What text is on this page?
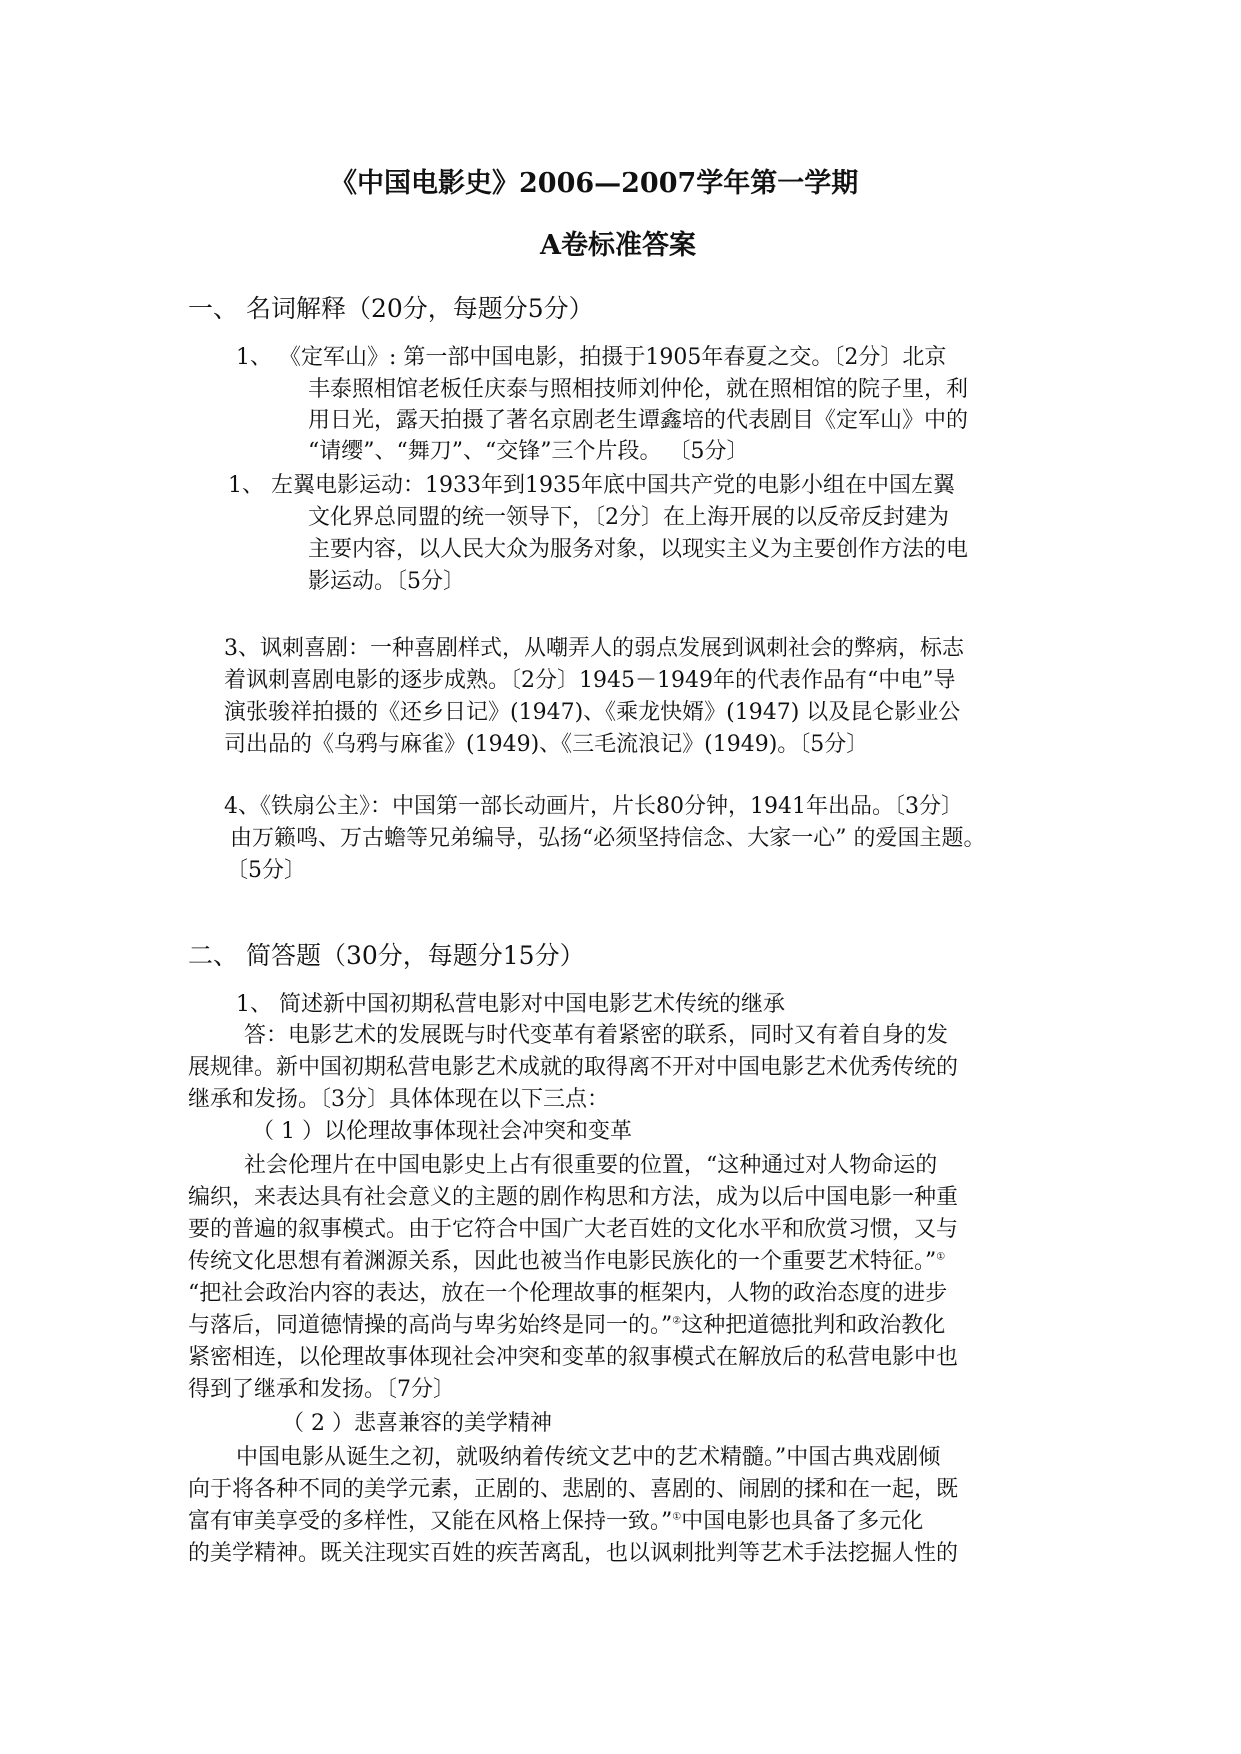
《中国电影史》2006—2007学年第一学期
A卷标准答案
一、 名词解释（20分，每题分5分）

1、 《定军山》: 第一部中国电影，拍摄于1905年春夏之交。〔2分〕北京

丰泰照相馆老板任庆泰与照相技师刘仲伦，就在照相馆的院子里，利

用日光，露天拍摄了著名京剧老生谭鑫培的代表剧目《定军山》中的

“请缨”、“舞刀”、“交锋”三个片段。 〔5分〕

1、 左翼电影运动：1933年到1935年底中国共产党的电影小组在中国左翼

文化界总同盟的统一领导下，〔2分〕在上海开展的以反帝反封建为

主要内容，以人民大众为服务对象，以现实主义为主要创作方法的电

影运动。〔5分〕

3、讽刺喜剧：一种喜剧样式，从嘲弄人的弱点发展到讽刺社会的弊病，标志

着讽刺喜剧电影的逐步成熟。〔2分〕1945－1949年的代表作品有“中电”导

演张骏祥拍摄的《还乡日记》(1947)、《乘龙快婿》(1947) 以及昆仑影业公

司出品的《乌鸦与麻雀》(1949)、《三毛流浪记》(1949)。〔5分〕

4、《铁扇公主》：中国第一部长动画片，片长80分钟，1941年出品。〔3分〕

由万籁鸣、万古蟾等兄弟编导，弘扬“必须坚持信念、大家一心” 的爱国主题。

〔5分〕

二、 简答题（30分，每题分15分）

1、 简述新中国初期私营电影对中国电影艺术传统的继承

答：电影艺术的发展既与时代变革有着紧密的联系，同时又有着自身的发

展规律。新中国初期私营电影艺术成就的取得离不开对中国电影艺术优秀传统的

继承和发扬。〔3分〕具体体现在以下三点：

（ 1 ）以伦理故事体现社会冲突和变革

社会伦理片在中国电影史上占有很重要的位置，“这种通过对人物命运的

编织，来表达具有社会意义的主题的剧作构思和方法，成为以后中国电影一种重

要的普遍的叙事模式。由于它符合中国广大老百姓的文化水平和欣赏习惯，又与

传统文化思想有着渊源关系，因此也被当作电影民族化的一个重要艺术特征。”①

“把社会政治内容的表达，放在一个伦理故事的框架内，人物的政治态度的进步

与落后，同道德情操的高尚与卑劣始终是同一的。”②这种把道德批判和政治教化

紧密相连，以伦理故事体现社会冲突和变革的叙事模式在解放后的私营电影中也

得到了继承和发扬。〔7分〕

（ 2 ）悲喜兼容的美学精神

中国电影从诞生之初，就吸纳着传统文艺中的艺术精髓。”中国古典戏剧倾

向于将各种不同的美学元素，正剧的、悲剧的、喜剧的、闹剧的揉和在一起，既

富有审美享受的多样性，又能在风格上保持一致。”①中国电影也具备了多元化

的美学精神。既关注现实百姓的疾苦离乱，也以讽刺批判等艺术手法挖掘人性的
